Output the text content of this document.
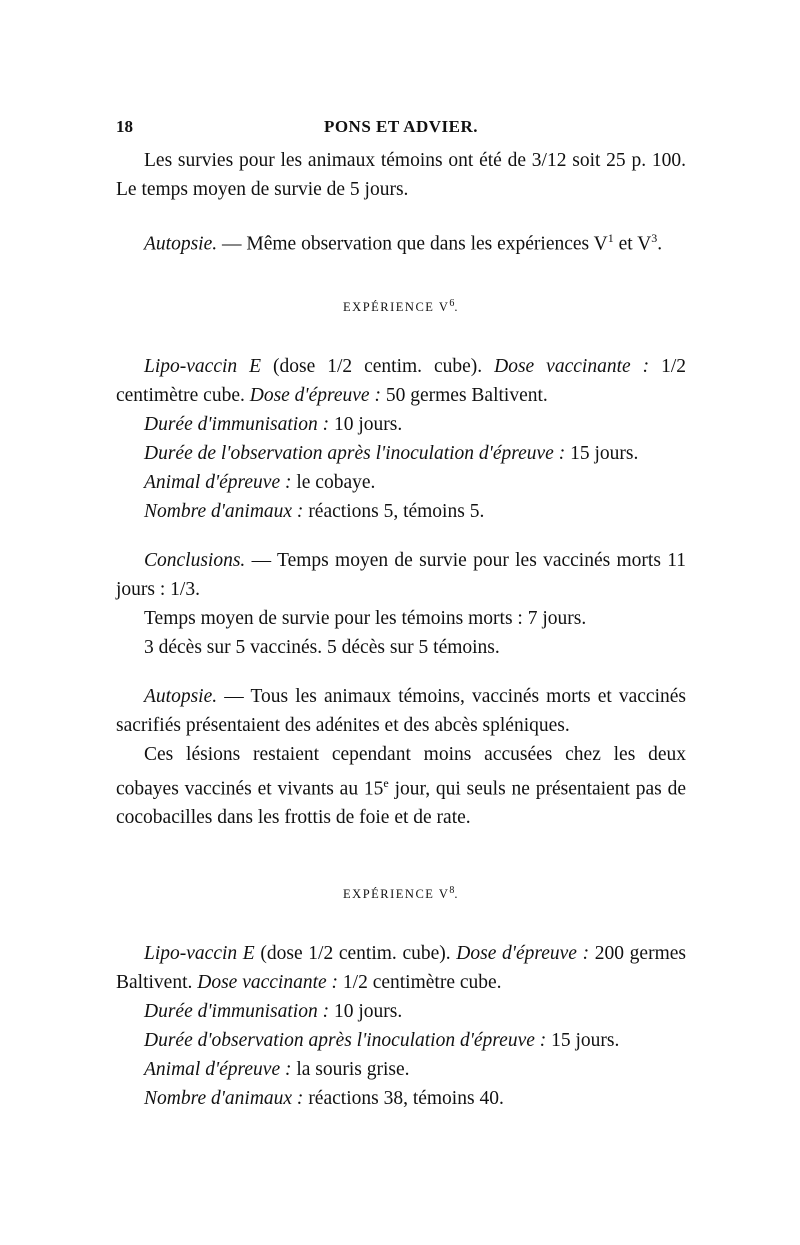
18	PONS ET ADVIER.

Les survies pour les animaux témoins ont été de 3/12 soit 25 p. 100. Le temps moyen de survie de 5 jours.

Autopsie. — Même observation que dans les expériences $V^1$ et $V^3$.

EXPÉRIENCE $V^6$.

Lipo-vaccin E (dose 1/2 centim. cube). Dose vaccinante : 1/2 centimètre cube. Dose d'épreuve : 50 germes Baltivent.

Durée d'immunisation : 10 jours.

Durée de l'observation après l'inoculation d'épreuve : 15 jours.

Animal d'épreuve : le cobaye.

Nombre d'animaux : réactions 5, témoins 5.

Conclusions. — Temps moyen de survie pour les vaccinés morts 11 jours : 1/3.

Temps moyen de survie pour les témoins morts : 7 jours.

3 décès sur 5 vaccinés. 5 décès sur 5 témoins.

Autopsie. — Tous les animaux témoins, vaccinés morts et vaccinés sacrifiés présentaient des adénites et des abcès spléniques.

Ces lésions restaient cependant moins accusées chez les deux cobayes vaccinés et vivants au 15e jour, qui seuls ne présentaient pas de cocobacilles dans les frottis de foie et de rate.

EXPÉRIENCE $V^8$.

Lipo-vaccin E (dose 1/2 centim. cube). Dose d'épreuve : 200 germes Baltivent. Dose vaccinante : 1/2 centimètre cube.

Durée d'immunisation : 10 jours.

Durée d'observation après l'inoculation d'épreuve : 15 jours.

Animal d'épreuve : la souris grise.

Nombre d'animaux : réactions 38, témoins 40.
